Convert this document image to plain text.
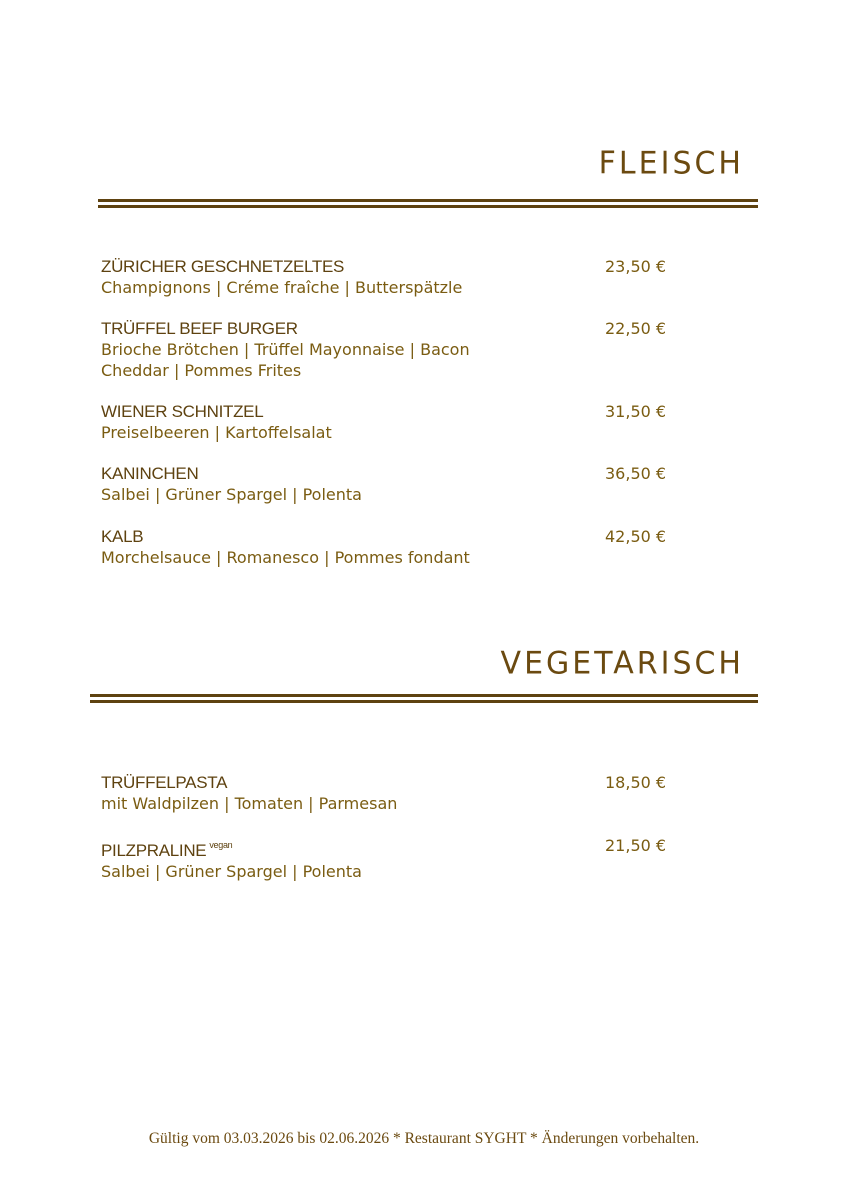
FLEISCH
ZÜRICHER GESCHNETZELTES
Champignons | Créme fraîche | Butterspätzle
23,50 €
TRÜFFEL BEEF BURGER
Brioche Brötchen | Trüffel Mayonnaise | Bacon Cheddar | Pommes Frites
22,50 €
WIENER SCHNITZEL
Preiselbeeren | Kartoffelsalat
31,50 €
KANINCHEN
Salbei | Grüner Spargel | Polenta
36,50 €
KALB
Morchelsauce | Romanesco | Pommes fondant
42,50 €
VEGETARISCH
TRÜFFELPASTA
mit Waldpilzen | Tomaten | Parmesan
18,50 €
PILZPRALINE $^{vegan}$
Salbei | Grüner Spargel | Polenta
21,50 €
Gültig vom 03.03.2026 bis 02.06.2026 * Restaurant SYGHT * Änderungen vorbehalten.
